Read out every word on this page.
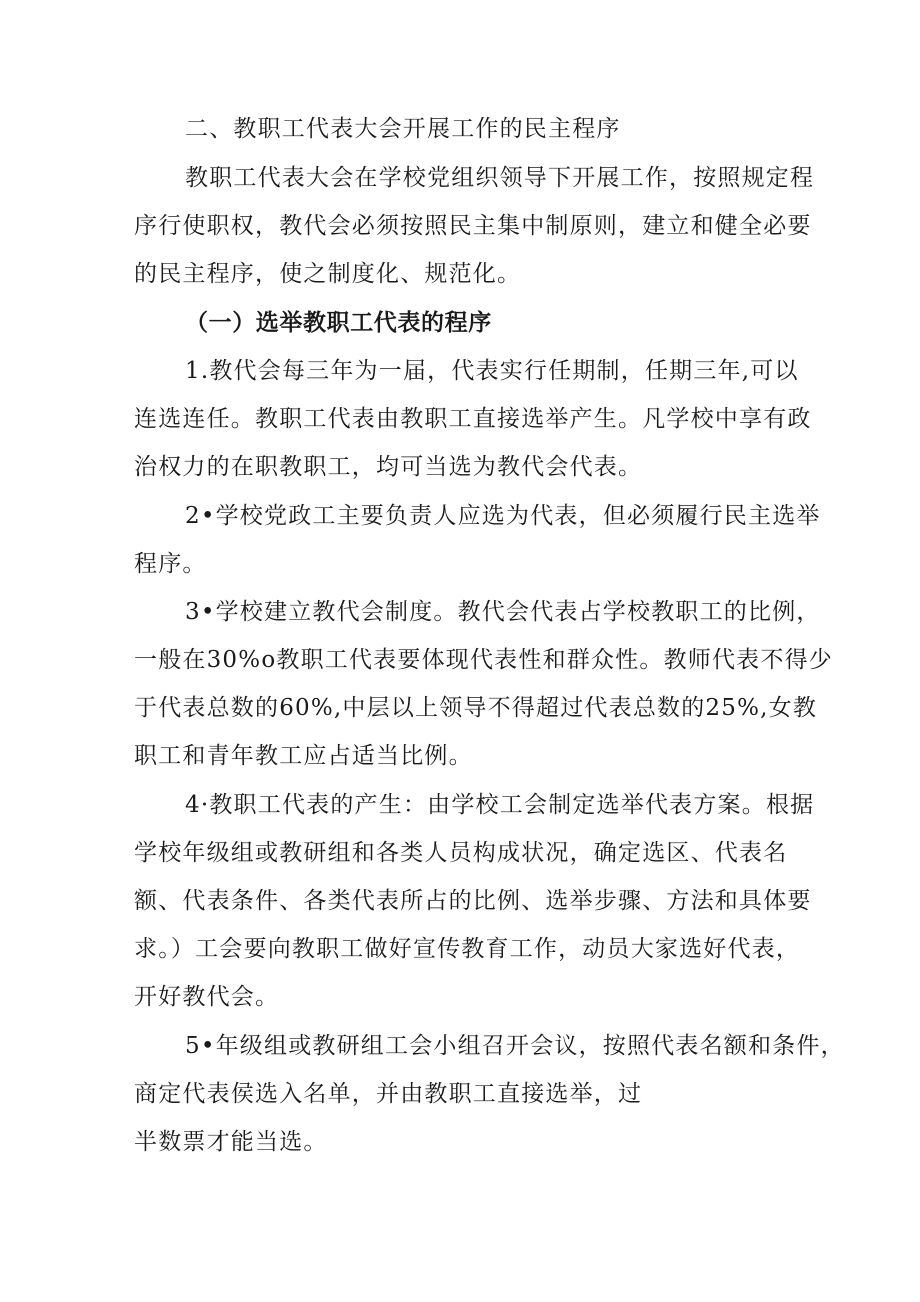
二、教职工代表大会开展工作的民主程序
教职工代表大会在学校党组织领导下开展工作，按照规定程
序行使职权，教代会必须按照民主集中制原则，建立和健全必要
的民主程序，使之制度化、规范化。
（一）选举教职工代表的程序
1.教代会每三年为一届，代表实行任期制，任期三年,可以
连选连任。教职工代表由教职工直接选举产生。凡学校中享有政
治权力的在职教职工，均可当选为教代会代表。
2•学校党政工主要负责人应选为代表，但必须履行民主选举
程序。
3•学校建立教代会制度。教代会代表占学校教职工的比例，
一般在30%o教职工代表要体现代表性和群众性。教师代表不得少
于代表总数的60%,中层以上领导不得超过代表总数的25%,女教
职工和青年教工应占适当比例。
4·教职工代表的产生：由学校工会制定选举代表方案。根据
学校年级组或教研组和各类人员构成状况，确定选区、代表名
额、代表条件、各类代表所占的比例、选举步骤、方法和具体要
求。）工会要向教职工做好宣传教育工作，动员大家选好代表，
开好教代会。
5•年级组或教研组工会小组召开会议，按照代表名额和条件，
商定代表侯选入名单，并由教职工直接选举，过
半数票才能当选。
